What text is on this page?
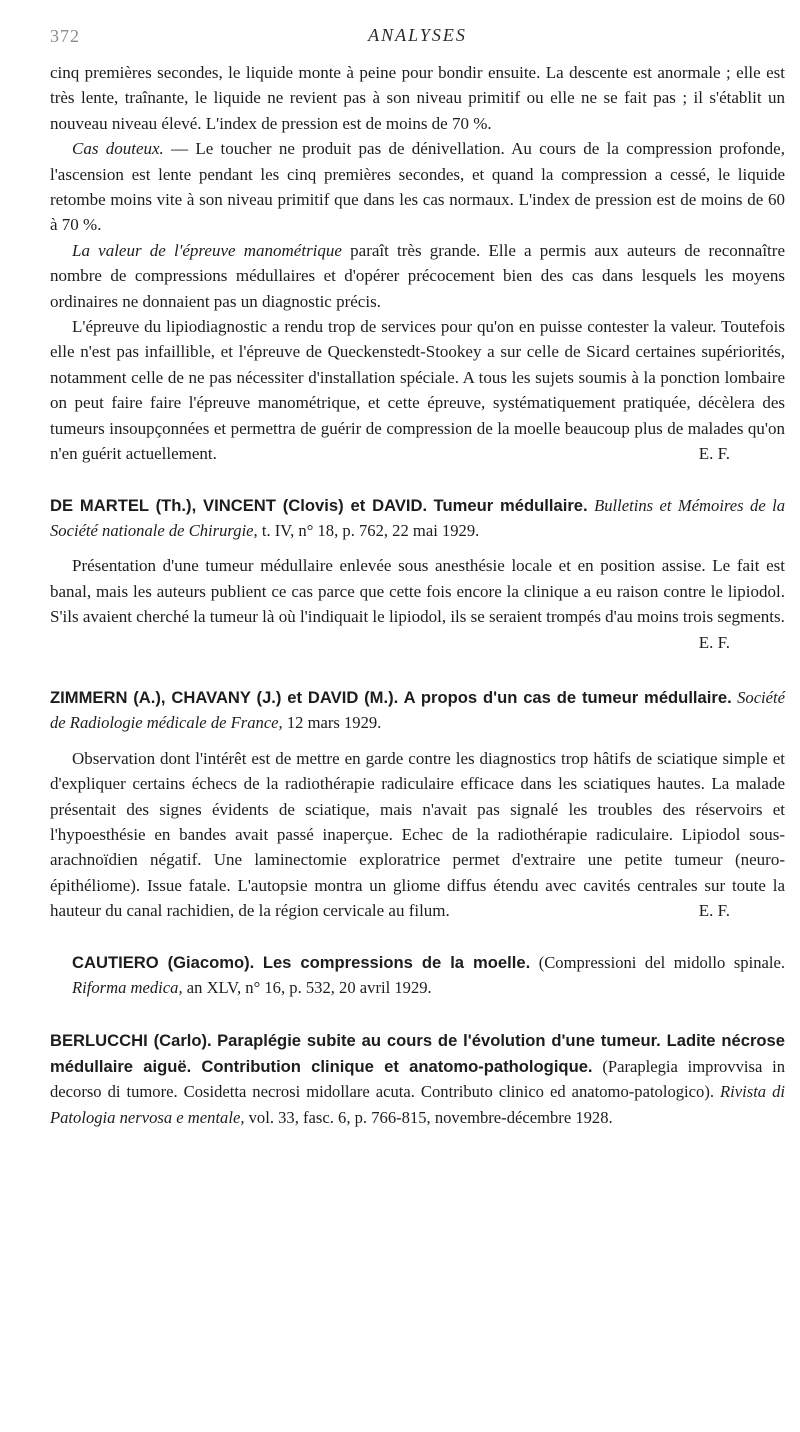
372	ANALYSES

cinq premières secondes, le liquide monte à peine pour bondir ensuite. La descente est anormale ; elle est très lente, traînante, le liquide ne revient pas à son niveau primitif ou elle ne se fait pas ; il s'établit un nouveau niveau élevé. L'index de pression est de moins de 70 %.

Cas douteux. — Le toucher ne produit pas de dénivellation. Au cours de la compression profonde, l'ascension est lente pendant les cinq premières secondes, et quand la compression a cessé, le liquide retombe moins vite à son niveau primitif que dans les cas normaux. L'index de pression est de moins de 60 à 70 %.

La valeur de l'épreuve manométrique paraît très grande. Elle a permis aux auteurs de reconnaître nombre de compressions médullaires et d'opérer précocement bien des cas dans lesquels les moyens ordinaires ne donnaient pas un diagnostic précis.

L'épreuve du lipiodiagnostic a rendu trop de services pour qu'on en puisse contester la valeur. Toutefois elle n'est pas infaillible, et l'épreuve de Queckenstedt-Stookey a sur celle de Sicard certaines supériorités, notamment celle de ne pas nécessiter d'installation spéciale. A tous les sujets soumis à la ponction lombaire on peut faire faire l'épreuve manométrique, et cette épreuve, systématiquement pratiquée, décèlera des tumeurs insoupçonnées et permettra de guérir de compression de la moelle beaucoup plus de malades qu'on n'en guérit actuellement.	E. F.

DE MARTEL (Th.), VINCENT (Clovis) et DAVID. Tumeur médullaire. Bulletins et Mémoires de la Société nationale de Chirurgie, t. IV, n° 18, p. 762, 22 mai 1929.

Présentation d'une tumeur médullaire enlevée sous anesthésie locale et en position assise. Le fait est banal, mais les auteurs publient ce cas parce que cette fois encore la clinique a eu raison contre le lipiodol. S'ils avaient cherché la tumeur là où l'indiquait le lipiodol, ils se seraient trompés d'au moins trois segments.

E. F.

ZIMMERN (A.), CHAVANY (J.) et DAVID (M.). A propos d'un cas de tumeur médullaire. Société de Radiologie médicale de France, 12 mars 1929.

Observation dont l'intérêt est de mettre en garde contre les diagnostics trop hâtifs de sciatique simple et d'expliquer certains échecs de la radiothérapie radiculaire efficace dans les sciatiques hautes. La malade présentait des signes évidents de sciatique, mais n'avait pas signalé les troubles des réservoirs et l'hypoesthésie en bandes avait passé inaperçue. Echec de la radiothérapie radiculaire. Lipiodol sous-arachnoïdien négatif. Une laminectomie exploratrice permet d'extraire une petite tumeur (neuro-épithéliome). Issue fatale. L'autopsie montra un gliome diffus étendu avec cavités centrales sur toute la hauteur du canal rachidien, de la région cervicale au filum.	E. F.

CAUTIERO (Giacomo). Les compressions de la moelle. (Compressioni del midollo spinale. Riforma medica, an XLV, n° 16, p. 532, 20 avril 1929.
BERLUCCHI (Carlo). Paraplégie subite au cours de l'évolution d'une tumeur. Ladite nécrose médullaire aiguë. Contribution clinique et anatomo-pathologique. (Paraplegia improvvisa in decorso di tumore. Cosidetta necrosi midollare acuta. Contributo clinico ed anatomo-patologico). Rivista di Patologia nervosa e mentale, vol. 33, fasc. 6, p. 766-815, novembre-décembre 1928.
